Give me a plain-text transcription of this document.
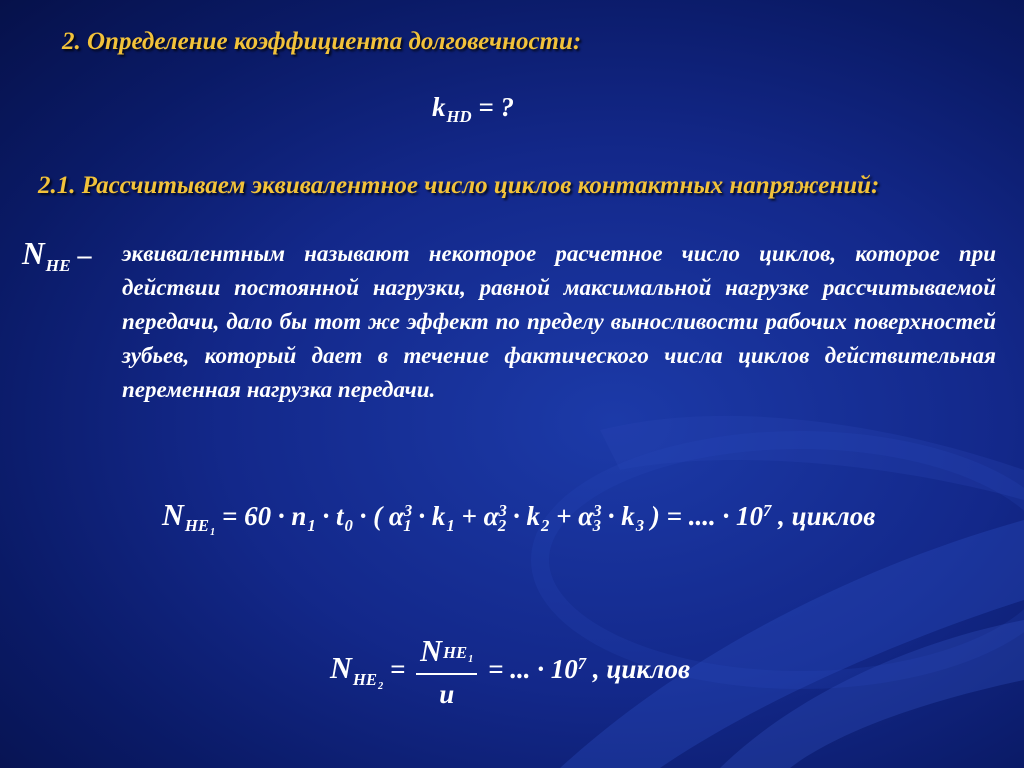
2. Определение коэффициента долговечности:
$k_{HD}$ = ?
2.1. Рассчитываем эквивалентное число циклов контактных напряжений:
$N_{HE}$ – эквивалентным называют некоторое расчетное число циклов, которое при действии постоянной нагрузки, равной максимальной нагрузке рассчитываемой передачи, дало бы тот же эффект по пределу выносливости рабочих поверхностей зубьев, который дает в течение фактического числа циклов действительная переменная нагрузка передачи.
$N_{HE_1} = 60 \cdot n_1 \cdot t_0$ · ( $\alpha^3_1 \cdot k_1 + \alpha^3_2 \cdot k_2 + \alpha^3_3 \cdot k_3$ ) = .... · $10^7$ , циклов
$N_{HE_2} = \frac{NHE_1}{u}$ = ... · $10^7$ , циклов
